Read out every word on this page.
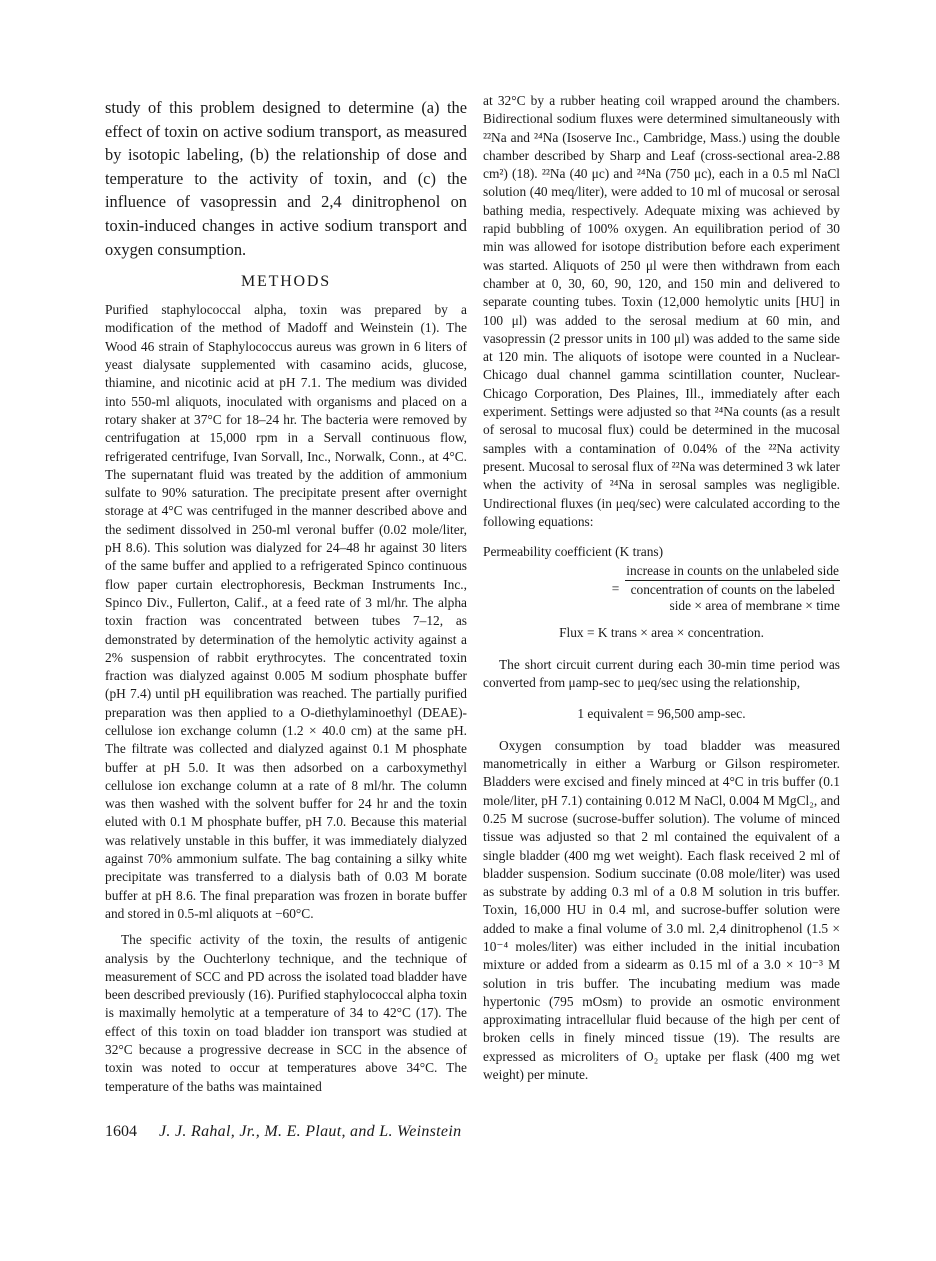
study of this problem designed to determine (a) the effect of toxin on active sodium transport, as measured by isotopic labeling, (b) the relationship of dose and temperature to the activity of toxin, and (c) the influence of vasopressin and 2,4 dinitrophenol on toxin-induced changes in active sodium transport and oxygen consumption.

METHODS

Purified staphylococcal alpha, toxin was prepared by a modification of the method of Madoff and Weinstein (1). The Wood 46 strain of Staphylococcus aureus was grown in 6 liters of yeast dialysate supplemented with casamino acids, glucose, thiamine, and nicotinic acid at pH 7.1. The medium was divided into 550-ml aliquots, inoculated with organisms and placed on a rotary shaker at 37°C for 18–24 hr. The bacteria were removed by centrifugation at 15,000 rpm in a Servall continuous flow, refrigerated centrifuge, Ivan Sorvall, Inc., Norwalk, Conn., at 4°C. The supernatant fluid was treated by the addition of ammonium sulfate to 90% saturation. The precipitate present after overnight storage at 4°C was centrifuged in the manner described above and the sediment dissolved in 250-ml veronal buffer (0.02 mole/liter, pH 8.6). This solution was dialyzed for 24–48 hr against 30 liters of the same buffer and applied to a refrigerated Spinco continuous flow paper curtain electrophoresis, Beckman Instruments Inc., Spinco Div., Fullerton, Calif., at a feed rate of 3 ml/hr. The alpha toxin fraction was concentrated between tubes 7–12, as demonstrated by determination of the hemolytic activity against a 2% suspension of rabbit erythrocytes. The concentrated toxin fraction was dialyzed against 0.005 M sodium phosphate buffer (pH 7.4) until pH equilibration was reached. The partially purified preparation was then applied to a O-diethylaminoethyl (DEAE)-cellulose ion exchange column (1.2 × 40.0 cm) at the same pH. The filtrate was collected and dialyzed against 0.1 M phosphate buffer at pH 5.0. It was then adsorbed on a carboxymethyl cellulose ion exchange column at a rate of 8 ml/hr. The column was then washed with the solvent buffer for 24 hr and the toxin eluted with 0.1 M phosphate buffer, pH 7.0. Because this material was relatively unstable in this buffer, it was immediately dialyzed against 70% ammonium sulfate. The bag containing a silky white precipitate was transferred to a dialysis bath of 0.03 M borate buffer at pH 8.6. The final preparation was frozen in borate buffer and stored in 0.5-ml aliquots at −60°C.

The specific activity of the toxin, the results of antigenic analysis by the Ouchterlony technique, and the technique of measurement of SCC and PD across the isolated toad bladder have been described previously (16). Purified staphylococcal alpha toxin is maximally hemolytic at a temperature of 34 to 42°C (17). The effect of this toxin on toad bladder ion transport was studied at 32°C because a progressive decrease in SCC in the absence of toxin was noted to occur at temperatures above 34°C. The temperature of the baths was maintained

at 32°C by a rubber heating coil wrapped around the chambers. Bidirectional sodium fluxes were determined simultaneously with ²²Na and ²⁴Na (Isoserve Inc., Cambridge, Mass.) using the double chamber described by Sharp and Leaf (cross-sectional area-2.88 cm²) (18). ²²Na (40 μc) and ²⁴Na (750 μc), each in a 0.5 ml NaCl solution (40 meq/liter), were added to 10 ml of mucosal or serosal bathing media, respectively. Adequate mixing was achieved by rapid bubbling of 100% oxygen. An equilibration period of 30 min was allowed for isotope distribution before each experiment was started. Aliquots of 250 μl were then withdrawn from each chamber at 0, 30, 60, 90, 120, and 150 min and delivered to separate counting tubes. Toxin (12,000 hemolytic units [HU] in 100 μl) was added to the serosal medium at 60 min, and vasopressin (2 pressor units in 100 μl) was added to the same side at 120 min. The aliquots of isotope were counted in a Nuclear-Chicago dual channel gamma scintillation counter, Nuclear-Chicago Corporation, Des Plaines, Ill., immediately after each experiment. Settings were adjusted so that ²⁴Na counts (as a result of serosal to mucosal flux) could be determined in the mucosal samples with a contamination of 0.04% of the ²²Na activity present. Mucosal to serosal flux of ²²Na was determined 3 wk later when the activity of ²⁴Na in serosal samples was negligible. Undirectional fluxes (in μeq/sec) were calculated according to the following equations:

Permeability coefficient (K trans)
=
increase in counts on the unlabeled side
concentration of counts on the labeled
side × area of membrane × time
Flux = K trans × area × concentration.

The short circuit current during each 30-min time period was converted from μamp-sec to μeq/sec using the relationship,

1 equivalent = 96,500 amp-sec.

Oxygen consumption by toad bladder was measured manometrically in either a Warburg or Gilson respirometer. Bladders were excised and finely minced at 4°C in tris buffer (0.1 mole/liter, pH 7.1) containing 0.012 M NaCl, 0.004 M MgCl₂, and 0.25 M sucrose (sucrose-buffer solution). The volume of minced tissue was adjusted so that 2 ml contained the equivalent of a single bladder (400 mg wet weight). Each flask received 2 ml of bladder suspension. Sodium succinate (0.08 mole/liter) was used as substrate by adding 0.3 ml of a 0.8 M solution in tris buffer. Toxin, 16,000 HU in 0.4 ml, and sucrose-buffer solution were added to make a final volume of 3.0 ml. 2,4 dinitrophenol (1.5 × 10⁻⁴ moles/liter) was either included in the initial incubation mixture or added from a sidearm as 0.15 ml of a 3.0 × 10⁻³ M solution in tris buffer. The incubating medium was made hypertonic (795 mOsm) to provide an osmotic environment approximating intracellular fluid because of the high per cent of broken cells in finely minced tissue (19). The results are expressed as microliters of O₂ uptake per flask (400 mg wet weight) per minute.

1604 J. J. Rahal, Jr., M. E. Plaut, and L. Weinstein
